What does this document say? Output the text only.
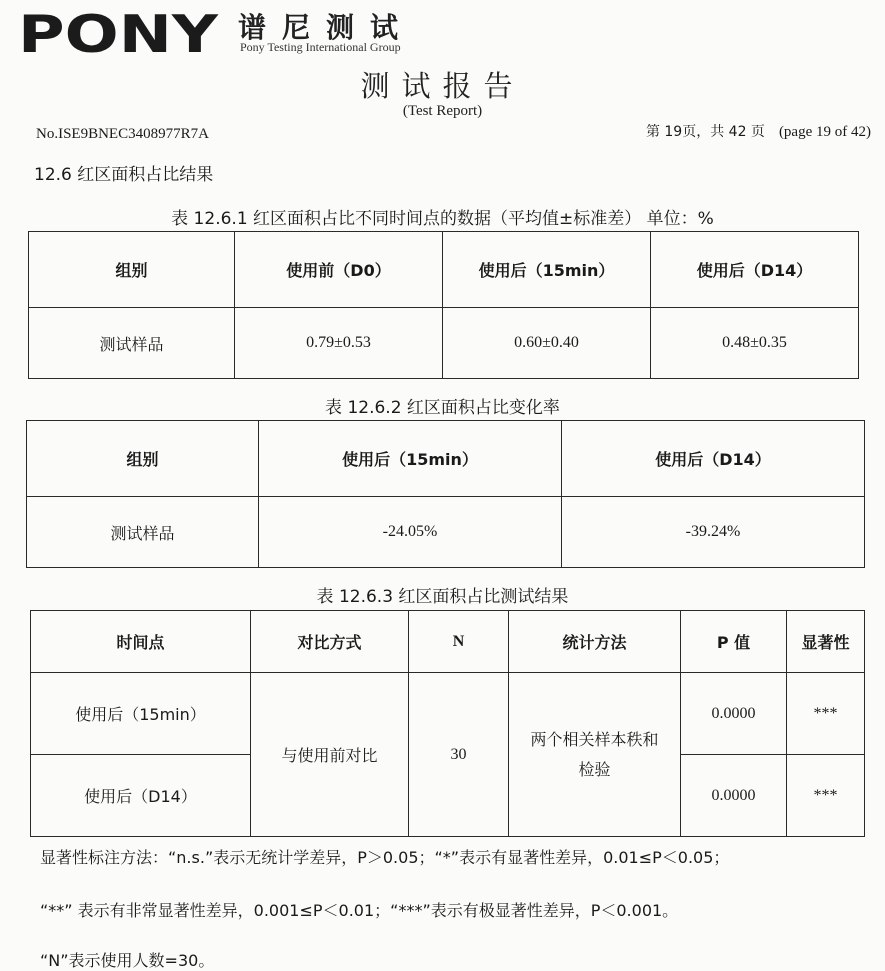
PONY 谱尼测试
Pony Testing International Group
测试报告
(Test Report)
No.ISE9BNEC3408977R7A	第 19页，共 42 页 (page 19 of 42)
12.6 红区面积占比结果
表 12.6.1 红区面积占比不同时间点的数据（平均值±标准差） 单位：%
组别	使用前（D0）	使用后（15min）	使用后（D14）
测试样品	0.79±0.53	0.60±0.40	0.48±0.35
表 12.6.2 红区面积占比变化率
组别	使用后（15min）	使用后（D14）
测试样品	-24.05%	-39.24%
表 12.6.3 红区面积占比测试结果
时间点	对比方式	N	统计方法	P 值	显著性
使用后（15min）	与使用前对比	30	两个相关样本秩和
检验	0.0000	***
使用后（D14）				0.0000	***
显著性标注方法：“n.s.”表示无统计学差异，P＞0.05；“*”表示有显著性差异，0.01≤P＜0.05；
“**” 表示有非常显著性差异，0.001≤P＜0.01；“***”表示有极显著性差异，P＜0.001。
“N”表示使用人数=30。
